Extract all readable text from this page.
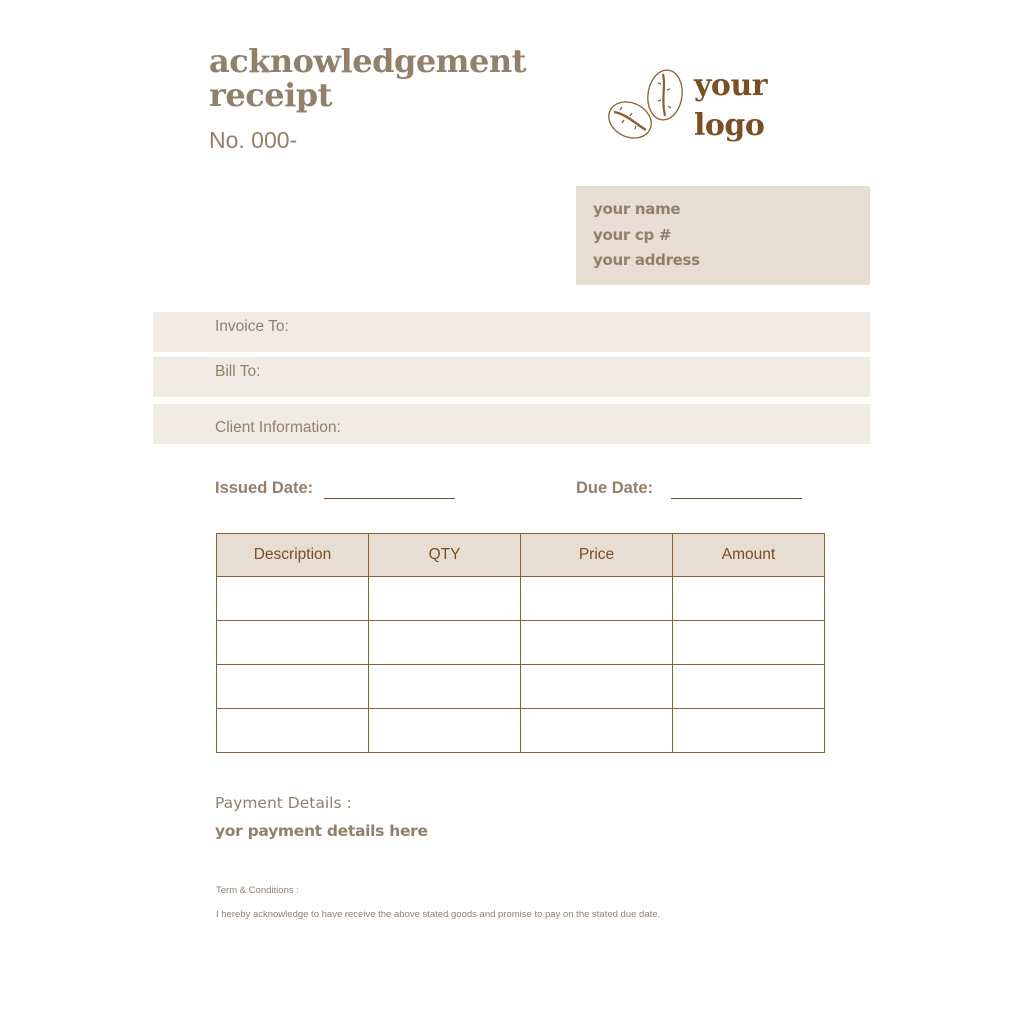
acknowledgement
receipt
No. 000-
your
logo
your name
your cp #
your address
Invoice To:
Bill To:
Client Information:
Issued Date:	Due Date:
Description	QTY	Price	Amount

Payment Details :
yor payment details here
Term & Conditions :
I hereby acknowledge to have receive the above stated goods and promise to pay on the stated due date.
